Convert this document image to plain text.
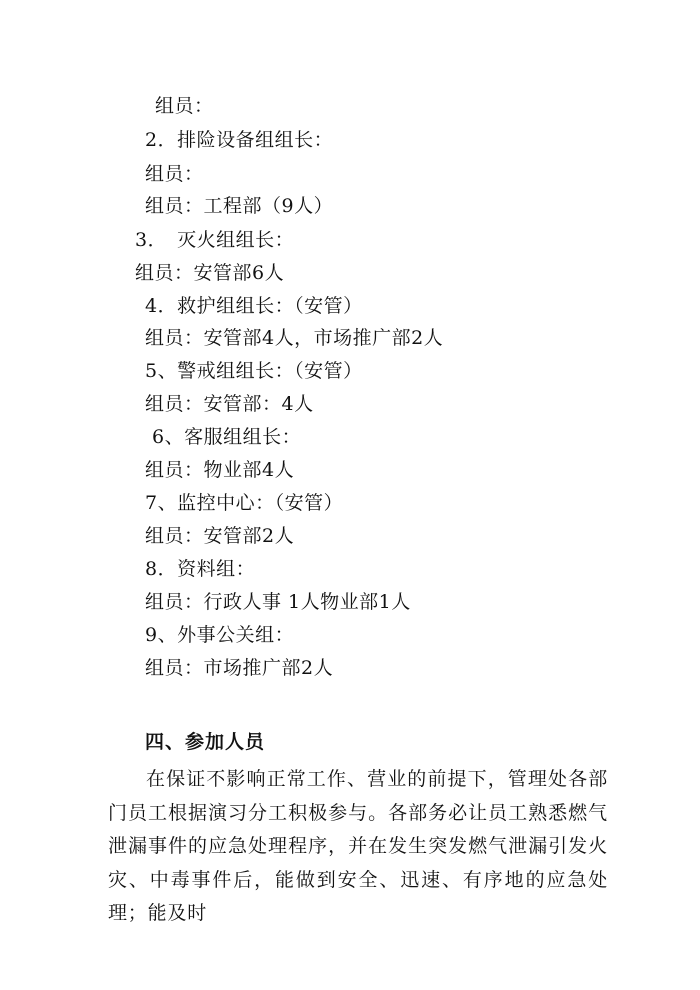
组员：
2．排险设备组组长：
组员：
组员：工程部（9人）
3．　灭火组组长：
组员：安管部6人
4．救护组组长：（安管）
组员：安管部4人，市场推广部2人
5、警戒组组长：（安管）
组员：安管部：4人
6、客服组组长：
组员：物业部4人
7、监控中心：（安管）
组员：安管部2人
8．资料组：
组员：行政人事 1人物业部1人
9、外事公关组：
组员：市场推广部2人
四、参加人员

在保证不影响正常工作、营业的前提下，管理处各部门员工根据演习分工积极参与。各部务必让员工熟悉燃气泄漏事件的应急处理程序，并在发生突发燃气泄漏引发火灾、中毒事件后，能做到安全、迅速、有序地的应急处理；能及时
